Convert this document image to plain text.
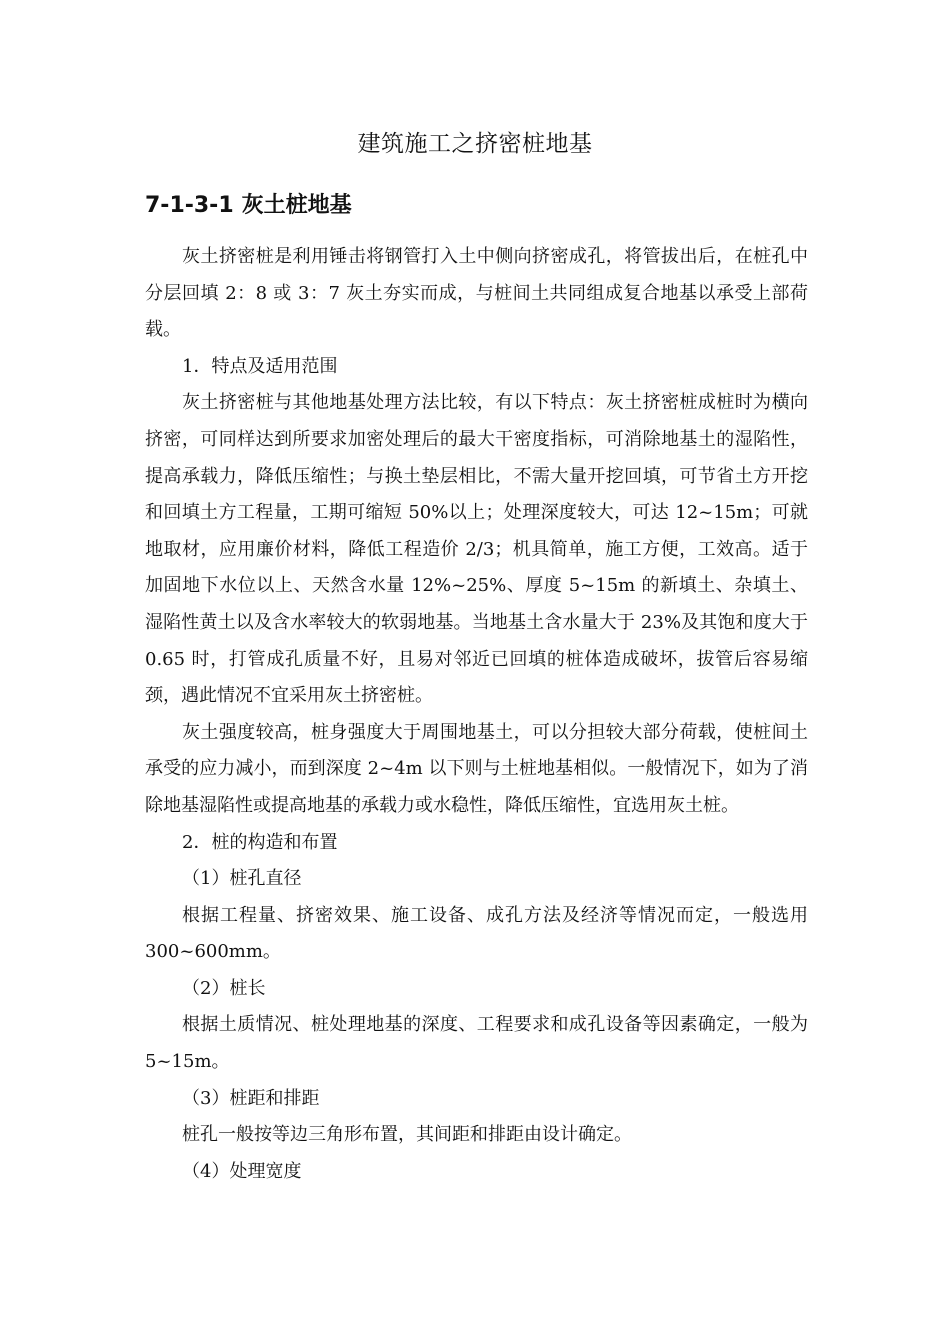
建筑施工之挤密桩地基
7-1-3-1 灰土桩地基

灰土挤密桩是利用锤击将钢管打入土中侧向挤密成孔，将管拔出后，在桩孔中分层回填 2：8 或 3：7 灰土夯实而成，与桩间土共同组成复合地基以承受上部荷载。

1．特点及适用范围

灰土挤密桩与其他地基处理方法比较，有以下特点：灰土挤密桩成桩时为横向挤密，可同样达到所要求加密处理后的最大干密度指标，可消除地基土的湿陷性，提高承载力，降低压缩性；与换土垫层相比，不需大量开挖回填，可节省土方开挖和回填土方工程量，工期可缩短 50%以上；处理深度较大，可达 12~15m；可就地取材，应用廉价材料，降低工程造价 2/3；机具简单，施工方便，工效高。适于加固地下水位以上、天然含水量 12%~25%、厚度 5~15m 的新填土、杂填土、湿陷性黄土以及含水率较大的软弱地基。当地基土含水量大于 23%及其饱和度大于 0.65 时，打管成孔质量不好，且易对邻近已回填的桩体造成破坏，拔管后容易缩颈，遇此情况不宜采用灰土挤密桩。

灰土强度较高，桩身强度大于周围地基土，可以分担较大部分荷载，使桩间土承受的应力减小，而到深度 2~4m 以下则与土桩地基相似。一般情况下，如为了消除地基湿陷性或提高地基的承载力或水稳性，降低压缩性，宜选用灰土桩。

2．桩的构造和布置

（1）桩孔直径

根据工程量、挤密效果、施工设备、成孔方法及经济等情况而定，一般选用 300~600mm。

（2）桩长

根据土质情况、桩处理地基的深度、工程要求和成孔设备等因素确定，一般为 5~15m。

（3）桩距和排距

桩孔一般按等边三角形布置，其间距和排距由设计确定。

（4）处理宽度
